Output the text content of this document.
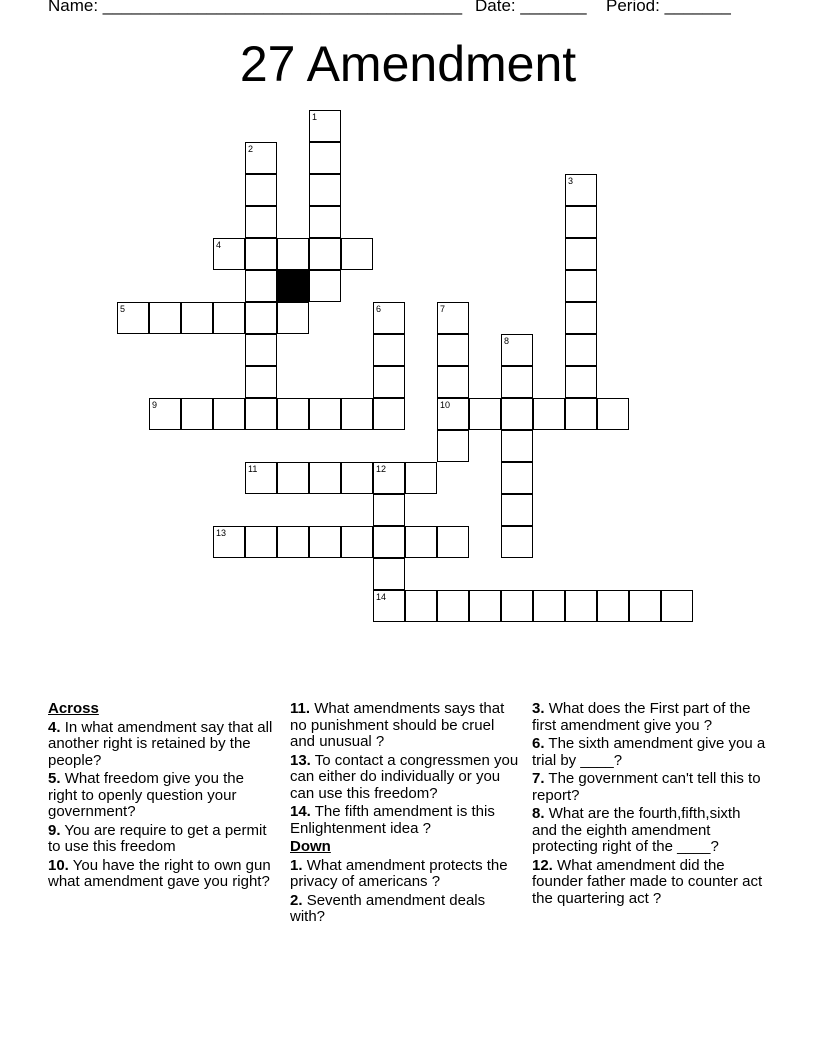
Name: ______________________________________ Date: _______ Period: _______
27 Amendment
1
2
3
4
5	6	7
10
8
9
11	12
14
13
Across
4. In what amendment say that all another right is retained by the people?
5. What freedom give you the right to openly question your government?
9. You are require to get a permit to use this freedom
10. You have the right to own gun what amendment gave you right?
11. What amendments says that no punishment should be cruel and unusual ?
13. To contact a congressmen you can either do individually or you can use this freedom?
14. The fifth amendment is this Enlightenment idea ?
Down
1. What amendment protects the privacy of americans ?
2. Seventh amendment deals with?
3. What does the First part of the first amendment give you ?
6. The sixth amendment give you a trial by ____?
7. The government can't tell this to report?
8. What are the fourth,fifth,sixth and the eighth amendment protecting right of the ____?
12. What amendment did the founder father made to counter act the quartering act ?
